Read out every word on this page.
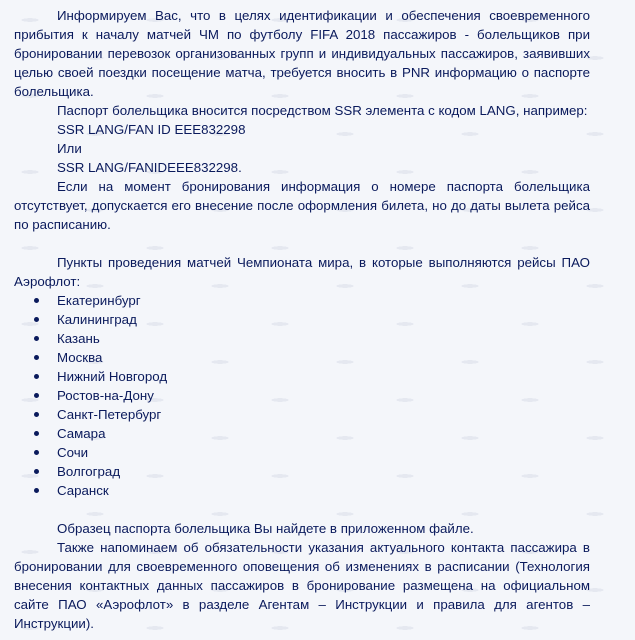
Информируем Вас, что в целях идентификации и обеспечения своевременного прибытия к началу матчей ЧМ по футболу FIFA 2018 пассажиров - болельщиков при бронировании перевозок организованных групп и индивидуальных пассажиров, заявивших целью своей поездки посещение матча, требуется вносить в PNR информацию о паспорте болельщика.

Паспорт болельщика вносится посредством SSR элемента с кодом LANG, например:

SSR LANG/FAN ID EEE832298

Или

SSR LANG/FANIDEEE832298.

Если на момент бронирования информация о номере паспорта болельщика отсутствует, допускается его внесение после оформления билета, но до даты вылета рейса по расписанию.

Пункты проведения матчей Чемпионата мира, в которые выполняются рейсы ПАО Аэрофлот:

Екатеринбург
Калининград
Казань
Москва
Нижний Новгород
Ростов-на-Дону
Санкт-Петербург
Самара
Сочи
Волгоград
Саранск

Образец паспорта болельщика Вы найдете в приложенном файле.

Также напоминаем об обязательности указания актуального контакта пассажира в бронировании для своевременного оповещения об изменениях в расписании (Технология внесения контактных данных пассажиров в бронирование размещена на официальном сайте ПАО «Аэрофлот» в разделе Агентам – Инструкции и правила для агентов – Инструкции).
